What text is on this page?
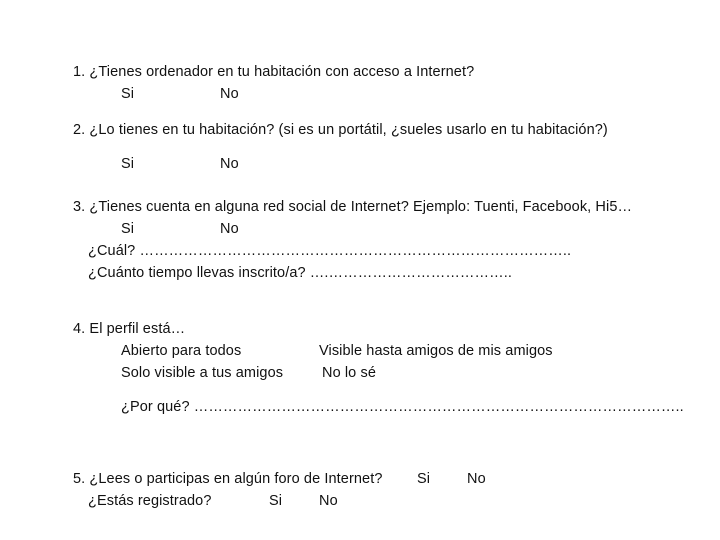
1. ¿Tienes ordenador en tu habitación con acceso a Internet?
Si	No
2. ¿Lo tienes en tu habitación? (si es un portátil, ¿sueles usarlo en tu habitación?)
Si	No
3. ¿Tienes cuenta en alguna red social de Internet? Ejemplo: Tuenti, Facebook, Hi5…
Si	No
¿Cuál? ……………………………………………………………………………..
¿Cuánto tiempo llevas inscrito/a? ….………………………………..
4. El perfil está…
Abierto para todos	Visible hasta amigos de mis amigos
Solo visible a tus amigos	No lo sé
¿Por qué? ………………………………………………………………………………………..
5. ¿Lees o participas en algún foro de Internet? Si	No
¿Estás registrado?	Si	No
